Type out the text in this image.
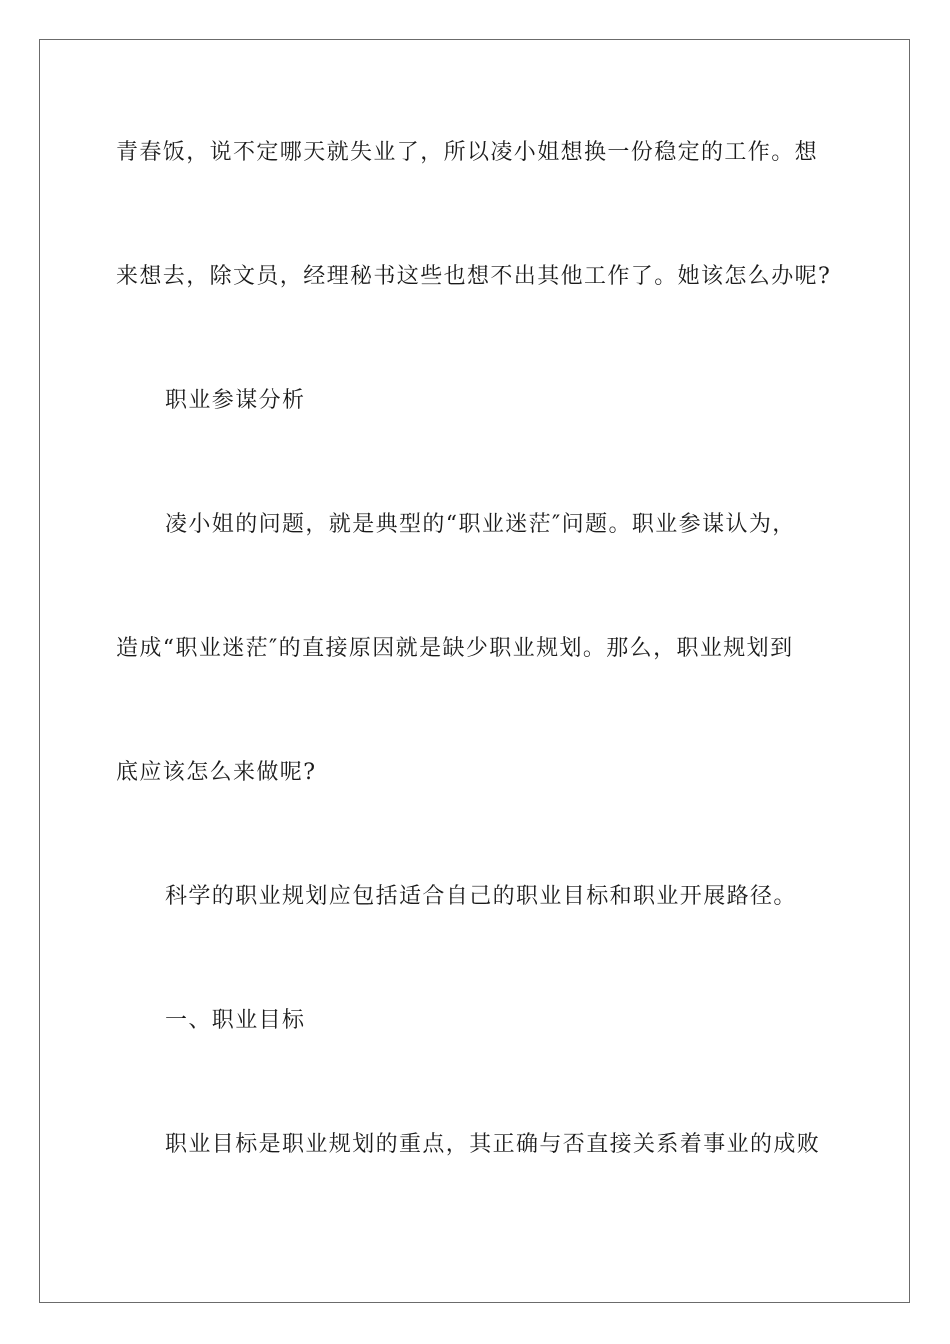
青春饭，说不定哪天就失业了，所以凌小姐想换一份稳定的工作。想
来想去，除文员，经理秘书这些也想不出其他工作了。她该怎么办呢?
职业参谋分析
凌小姐的问题，就是典型的“职业迷茫″问题。职业参谋认为，
造成“职业迷茫″的直接原因就是缺少职业规划。那么，职业规划到
底应该怎么来做呢?
科学的职业规划应包括适合自己的职业目标和职业开展路径。
一、职业目标
职业目标是职业规划的重点，其正确与否直接关系着事业的成败
